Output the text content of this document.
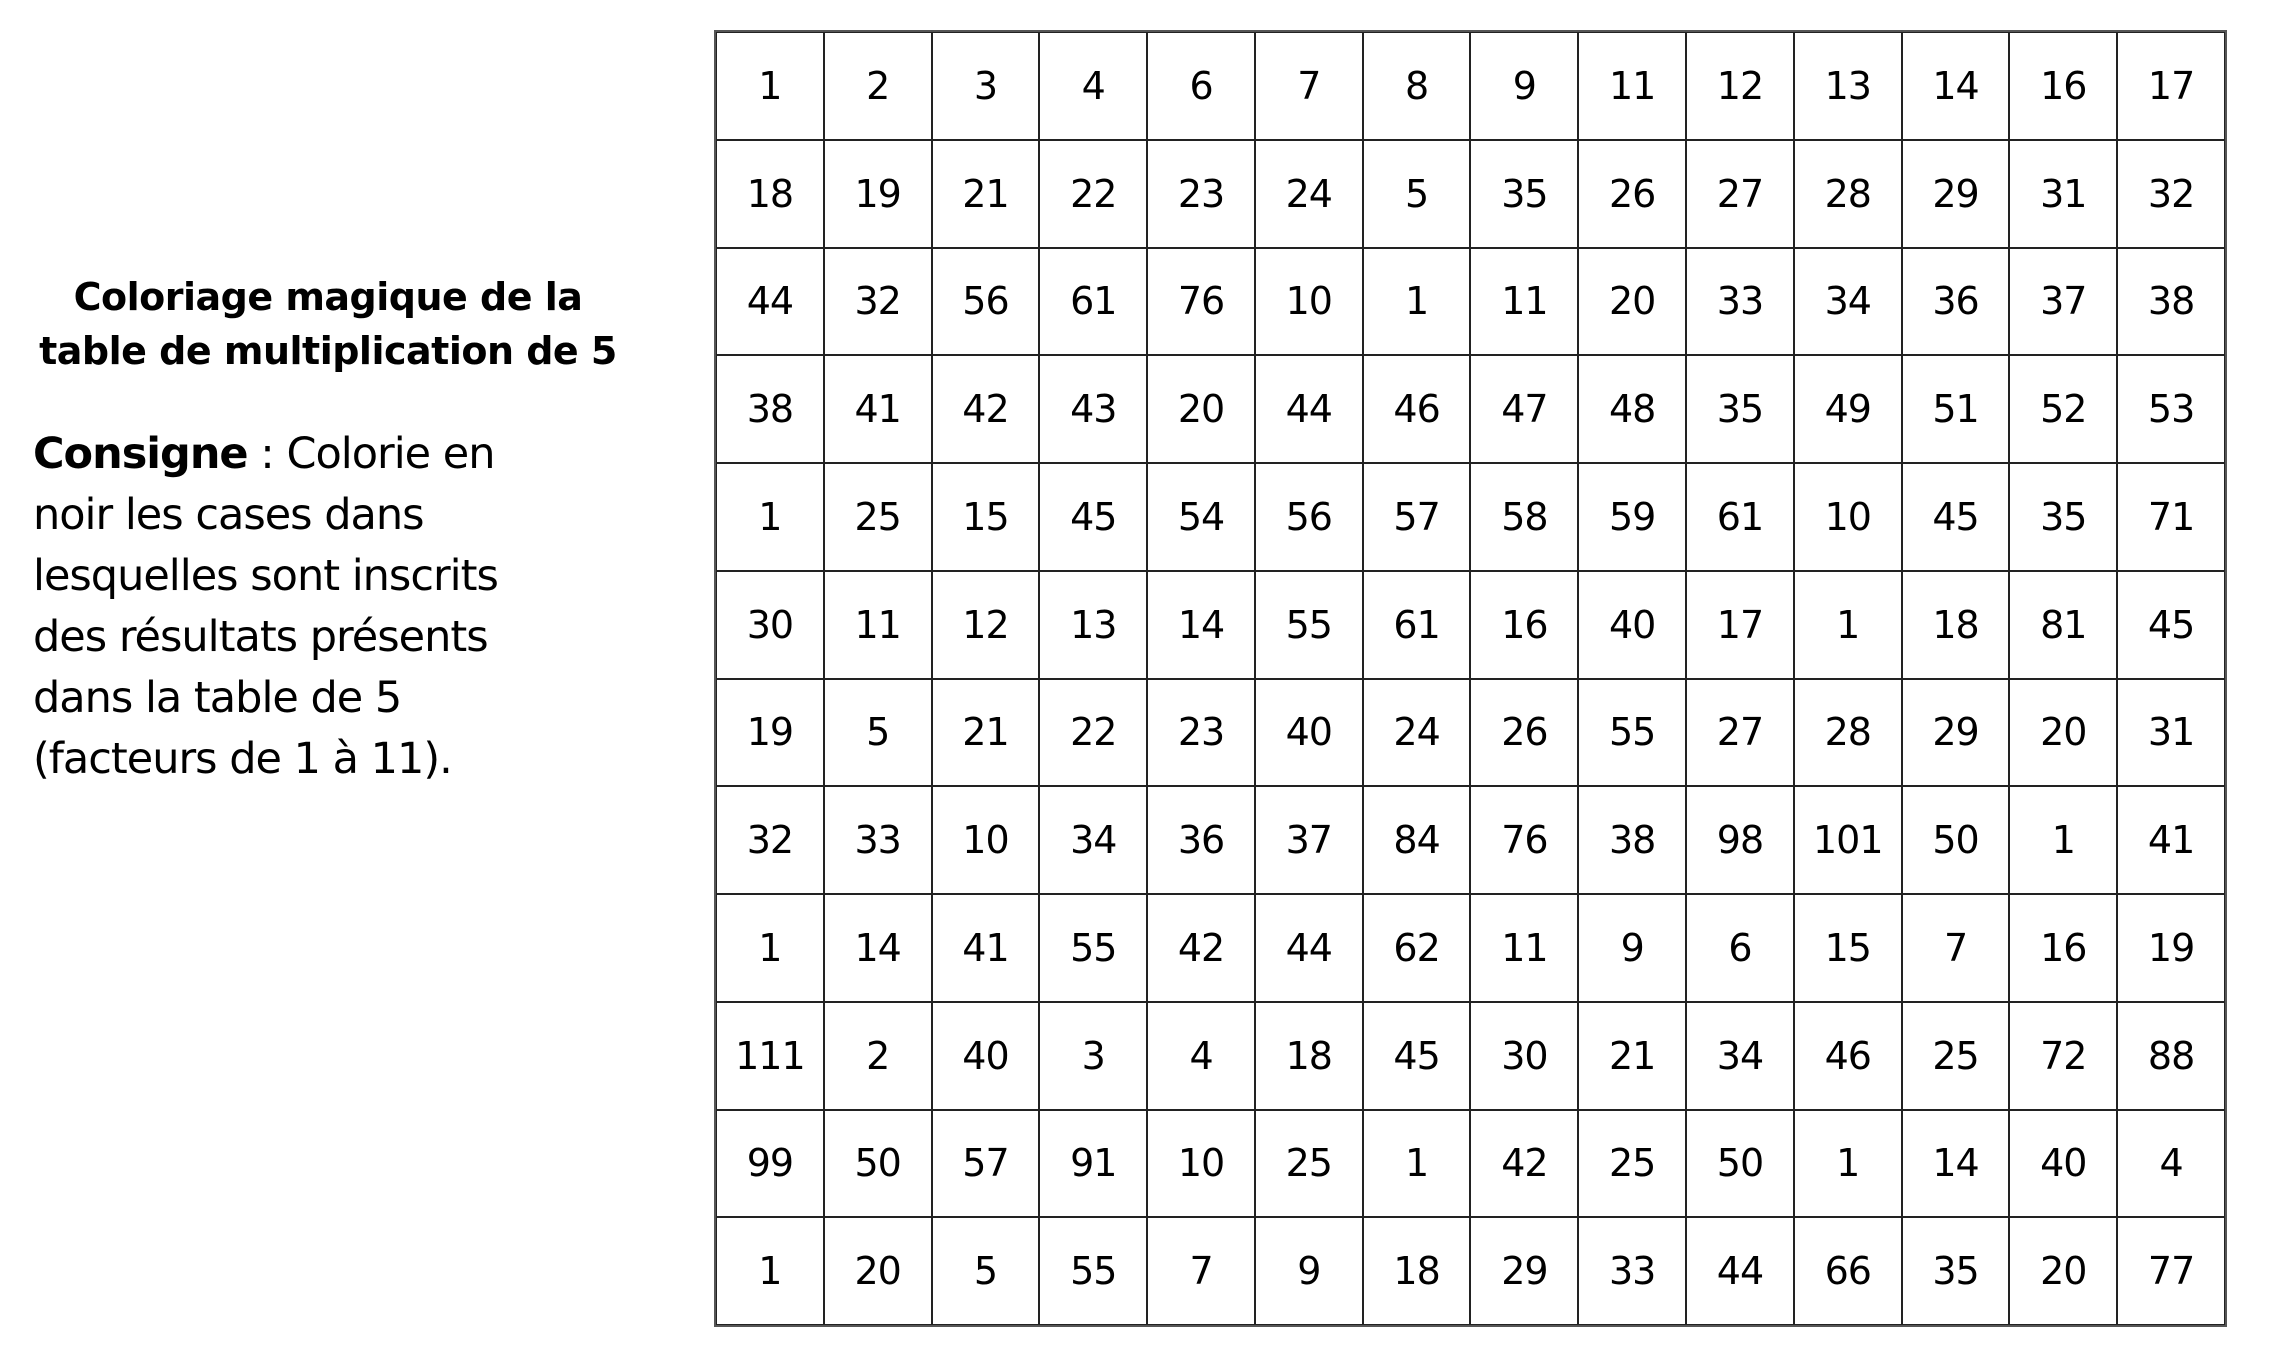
Coloriage magique de la
table de multiplication de 5
Consigne : Colorie en
noir les cases dans
lesquelles sont inscrits
des résultats présents
dans la table de 5
(facteurs de 1 à 11).
1	2	3	4	6	7	8	9	11	12	13	14	16	17
18	19	21	22	23	24	5	35	26	27	28	29	31	32
44	32	56	61	76	10	1	11	20	33	34	36	37	38
38	41	42	43	20	44	46	47	48	35	49	51	52	53
1	25	15	45	54	56	57	58	59	61	10	45	35	71
30	11	12	13	14	55	61	16	40	17	1	18	81	45
19	5	21	22	23	40	24	26	55	27	28	29	20	31
32	33	10	34	36	37	84	76	38	98	101	50	1	41
1	14	41	55	42	44	62	11	9	6	15	7	16	19
111	2	40	3	4	18	45	30	21	34	46	25	72	88
99	50	57	91	10	25	1	42	25	50	1	14	40	4
1	20	5	55	7	9	18	29	33	44	66	35	20	77
